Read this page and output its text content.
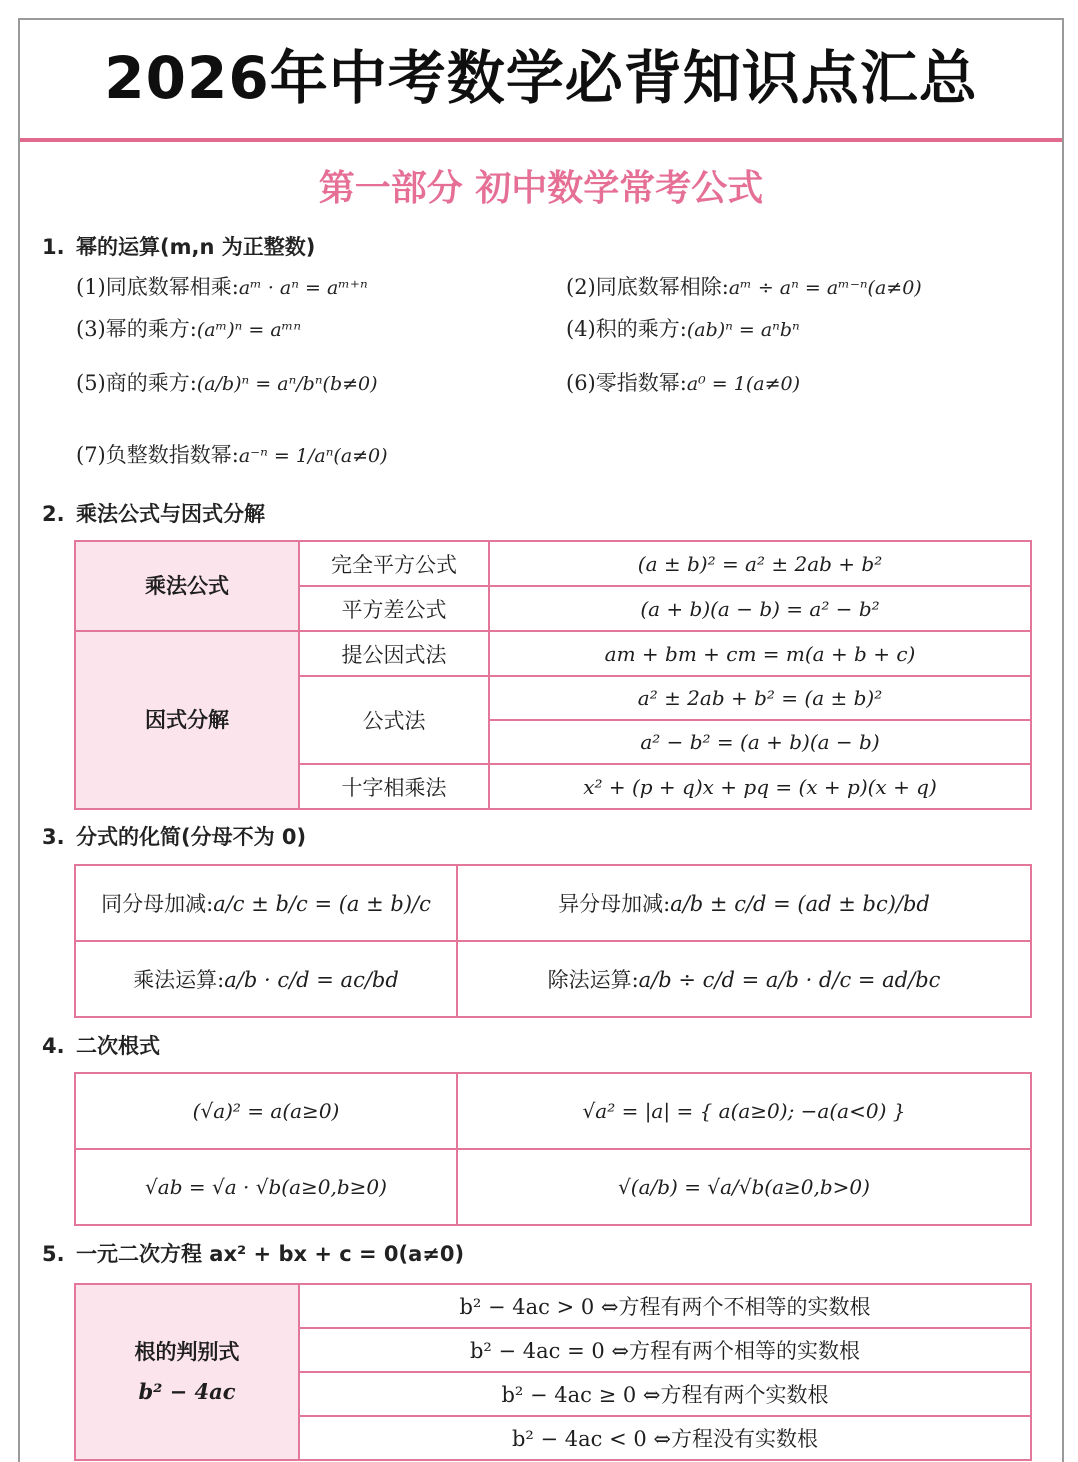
2026年中考数学必背知识点汇总
第一部分 初中数学常考公式
1. 幂的运算(m,n 为正整数)
(1)同底数幂相乘:aᵐ · aⁿ = aᵐ⁺ⁿ	(2)同底数幂相除:aᵐ ÷ aⁿ = aᵐ⁻ⁿ(a≠0)
(3)幂的乘方:(aᵐ)ⁿ = aᵐⁿ	(4)积的乘方:(ab)ⁿ = aⁿbⁿ
(5)商的乘方:(a/b)ⁿ = aⁿ/bⁿ(b≠0)	(6)零指数幂:a⁰ = 1(a≠0)
(7)负整数指数幂:a⁻ⁿ = 1/aⁿ(a≠0)
2. 乘法公式与因式分解
乘法公式	完全平方公式	(a ± b)² = a² ± 2ab + b²
	平方差公式	(a + b)(a − b) = a² − b²
因式分解	提公因式法	am + bm + cm = m(a + b + c)
	公式法	a² ± 2ab + b² = (a ± b)²
		a² − b² = (a + b)(a − b)
	十字相乘法	x² + (p + q)x + pq = (x + p)(x + q)
3. 分式的化简(分母不为 0)
同分母加减:a/c ± b/c = (a ± b)/c	异分母加减:a/b ± c/d = (ad ± bc)/bd
乘法运算:a/b · c/d = ac/bd	除法运算:a/b ÷ c/d = a/b · d/c = ad/bc
4. 二次根式
(√a)² = a(a≥0)	√a² = |a| = { a(a≥0); −a(a<0) }
√ab = √a · √b(a≥0,b≥0)	√(a/b) = √a/√b(a≥0,b>0)
5. 一元二次方程 ax² + bx + c = 0(a≠0)
根的判别式
b² − 4ac
	b² − 4ac > 0 ⇔方程有两个不相等的实数根
b² − 4ac = 0 ⇔方程有两个相等的实数根
b² − 4ac ≥ 0 ⇔方程有两个实数根
b² − 4ac < 0 ⇔方程没有实数根
